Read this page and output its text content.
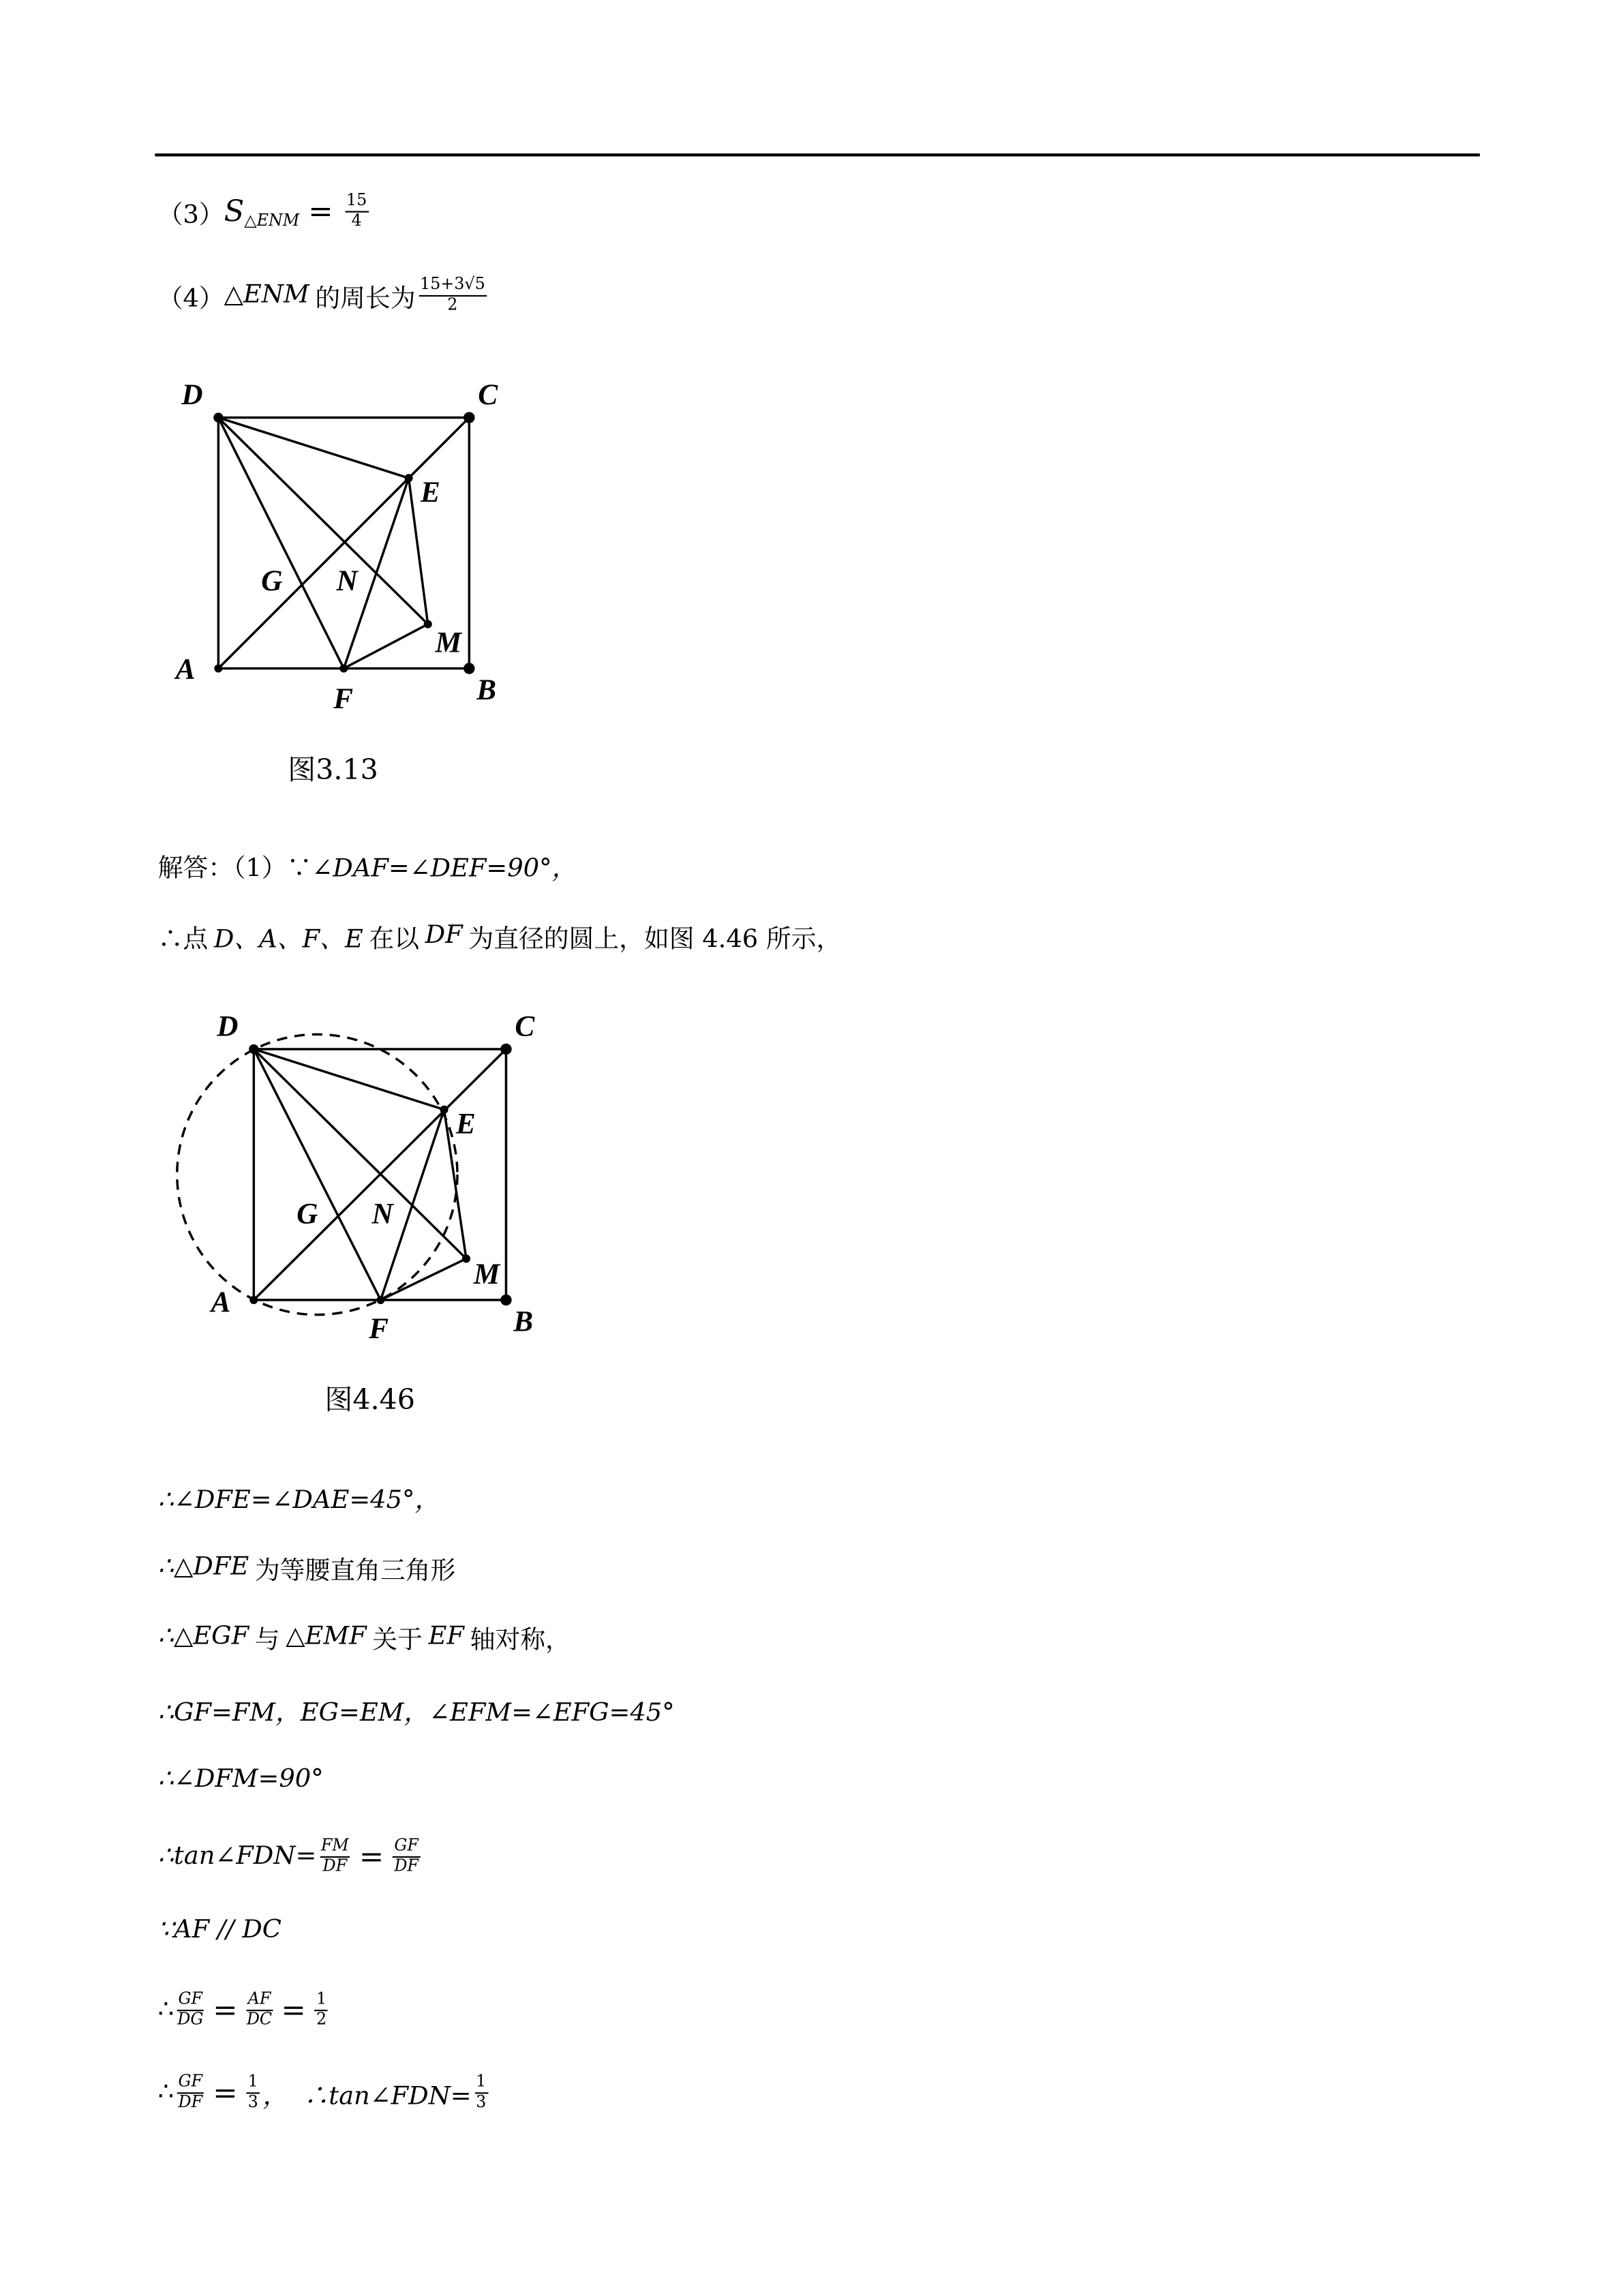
（3） S △ENM = $\frac{15}{4}$
（4） △ENM 的周长为 $\frac{15+3√5}{2}$
D	C
E
G	N
M
A
F	B
D	C
E
G	N
M
A
F	B
图3.13
解答：（1）∵ ∠DAF=∠DEF=90°，
∴点 D、A、F、E 在以 DF 为直径的圆上，如图 4.46 所示，
图4.46
∴∠DFE=∠DAE=45°，
∴△DFE 为等腰直角三角形
∴△EGF 与 △EMF 关于 EF 轴对称，
∴GF=FM，EG=EM，∠EFM=∠EFG=45°
∴∠DFM=90°
∴tan∠FDN= $\frac{FM}{DF} = \frac{GF}{DF}$
∵AF // DC
∴ $\frac{GF}{DG} = \frac{AF}{DC} = \frac{1}{2}$
∴ $\frac{GF}{DF} = \frac{1}{3}$ ，  ∴tan∠FDN= $\frac{1}{3}$
